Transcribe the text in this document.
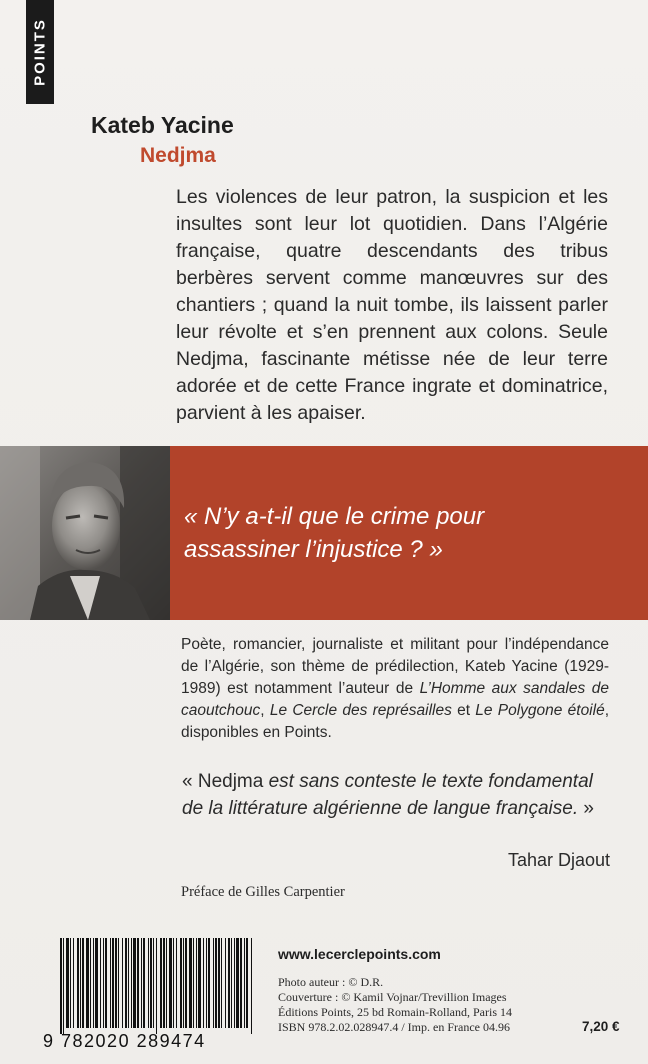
POINTS
Kateb Yacine
Nedjma
Les violences de leur patron, la suspicion et les insultes sont leur lot quotidien. Dans l’Algérie française, quatre descendants des tribus berbères servent comme manœuvres sur des chantiers ; quand la nuit tombe, ils laissent parler leur révolte et s’en prennent aux colons. Seule Nedjma, fascinante métisse née de leur terre adorée et de cette France ingrate et dominatrice, parvient à les apaiser.
« N’y a-t-il que le crime pour
assassiner l’injustice ? »
Poète, romancier, journaliste et militant pour l’indépendance de l’Algérie, son thème de prédilection, Kateb Yacine (1929-1989) est notamment l’auteur de L’Homme aux sandales de caoutchouc, Le Cercle des représailles et Le Polygone étoilé, disponibles en Points.
« Nedjma est sans conteste le texte fondamental de la littérature algérienne de langue française. »
Tahar Djaout
Préface de Gilles Carpentier
9 782020 289474
www.lecerclepoints.com
Photo auteur : © D.R.
Couverture : © Kamil Vojnar/Trevillion Images
Éditions Points, 25 bd Romain-Rolland, Paris 14
ISBN 978.2.02.028947.4 / Imp. en France 04.96	7,20 €
